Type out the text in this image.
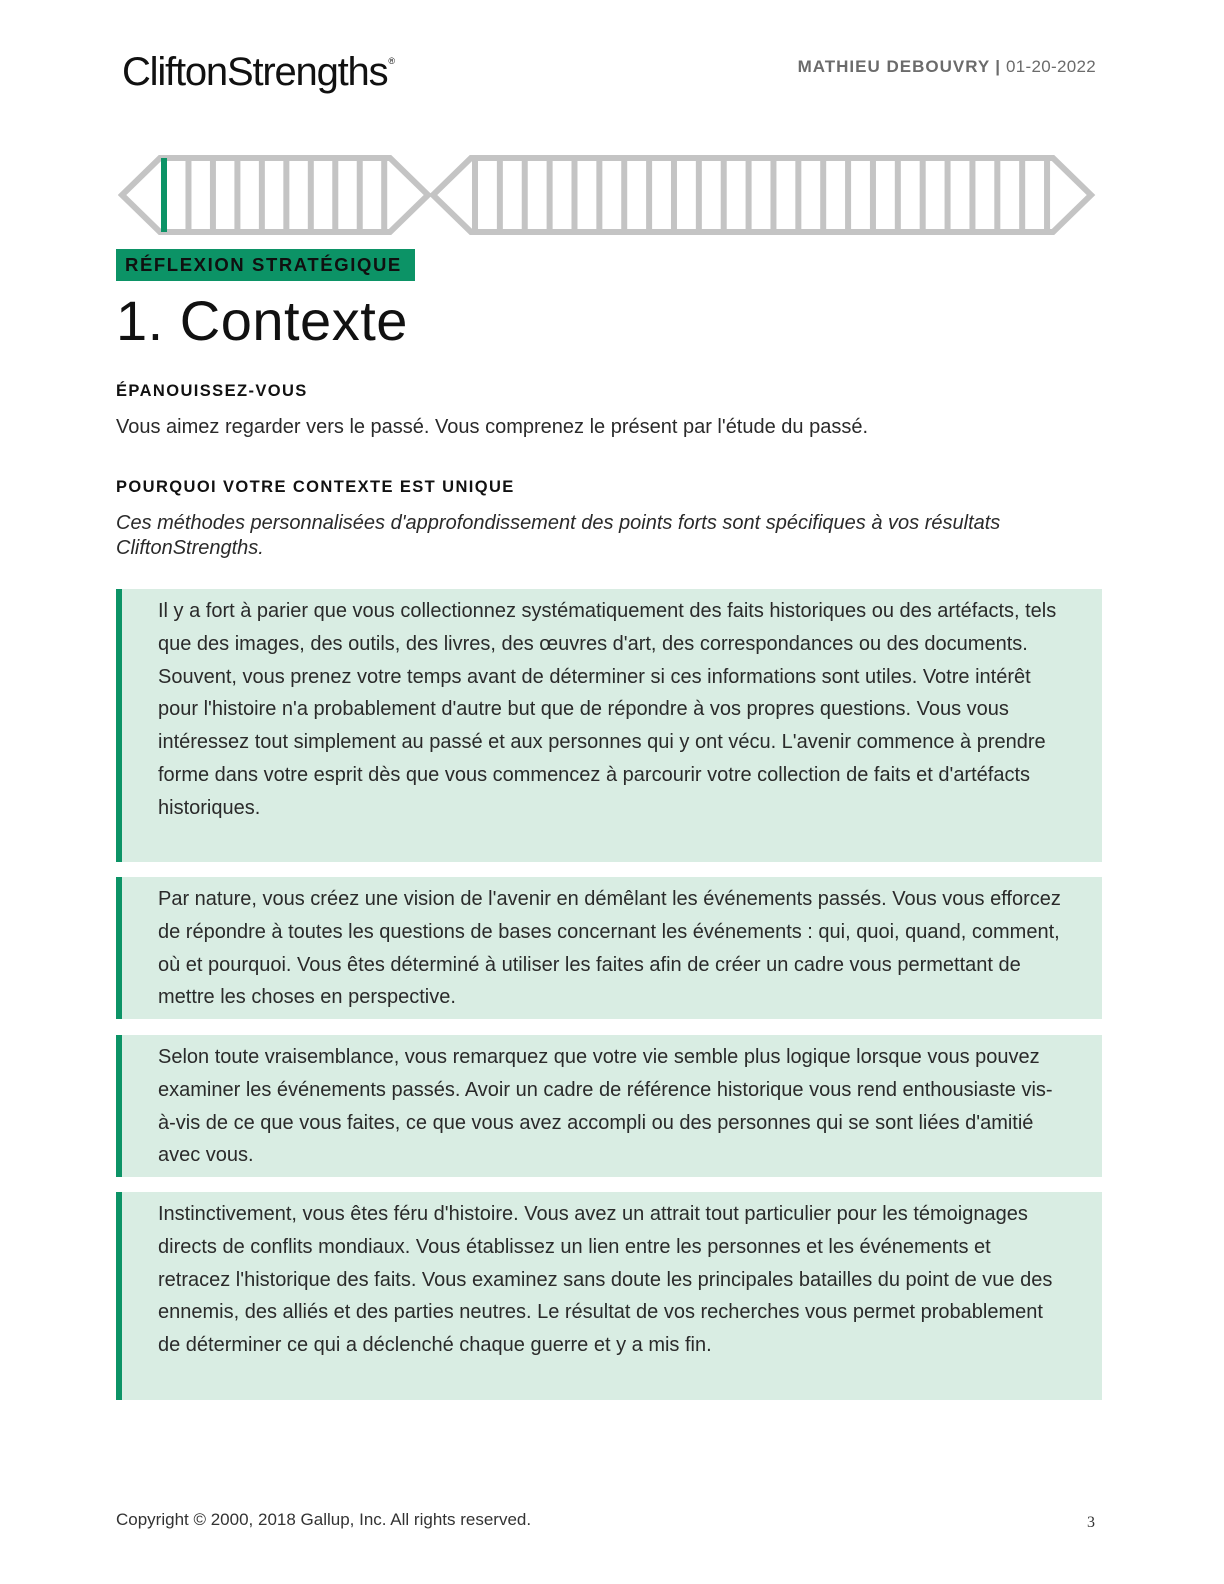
CliftonStrengths®	MATHIEU DEBOUVRY | 01-20-2022
RÉFLEXION STRATÉGIQUE
1. Contexte
ÉPANOUISSEZ-VOUS

Vous aimez regarder vers le passé. Vous comprenez le présent par l'étude du passé.

POURQUOI VOTRE CONTEXTE EST UNIQUE

Ces méthodes personnalisées d'approfondissement des points forts sont spécifiques à vos résultats CliftonStrengths.

Il y a fort à parier que vous collectionnez systématiquement des faits historiques ou des artéfacts, tels que des images, des outils, des livres, des œuvres d'art, des correspondances ou des documents. Souvent, vous prenez votre temps avant de déterminer si ces informations sont utiles. Votre intérêt pour l'histoire n'a probablement d'autre but que de répondre à vos propres questions. Vous vous intéressez tout simplement au passé et aux personnes qui y ont vécu. L'avenir commence à prendre forme dans votre esprit dès que vous commencez à parcourir votre collection de faits et d'artéfacts historiques.

Par nature, vous créez une vision de l'avenir en démêlant les événements passés. Vous vous efforcez de répondre à toutes les questions de bases concernant les événements : qui, quoi, quand, comment, où et pourquoi. Vous êtes déterminé à utiliser les faites afin de créer un cadre vous permettant de mettre les choses en perspective.

Selon toute vraisemblance, vous remarquez que votre vie semble plus logique lorsque vous pouvez examiner les événements passés. Avoir un cadre de référence historique vous rend enthousiaste vis-à-vis de ce que vous faites, ce que vous avez accompli ou des personnes qui se sont liées d'amitié avec vous.

Instinctivement, vous êtes féru d'histoire. Vous avez un attrait tout particulier pour les témoignages directs de conflits mondiaux. Vous établissez un lien entre les personnes et les événements et retracez l'historique des faits. Vous examinez sans doute les principales batailles du point de vue des ennemis, des alliés et des parties neutres. Le résultat de vos recherches vous permet probablement de déterminer ce qui a déclenché chaque guerre et y a mis fin.

Copyright © 2000, 2018 Gallup, Inc. All rights reserved.	3
